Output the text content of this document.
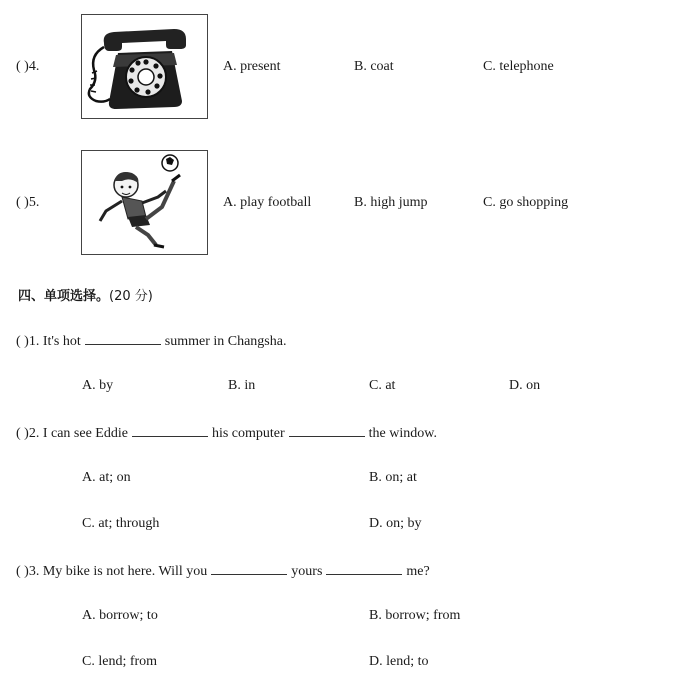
( )4.	A. present	B. coat	C. telephone
( )5.	A. play football	B. high jump	C. go shopping
四、单项选择。(20 分)
( )1. It's hot	summer in Changsha.
A. by	B. in	C. at	D. on
( )2. I can see Eddie	his computer	the window.
A. at; on	B. on; at
C. at; through	D. on; by
( )3. My bike is not here. Will you	yours	me?
A. borrow; to	B. borrow; from
C. lend; from	D. lend; to
